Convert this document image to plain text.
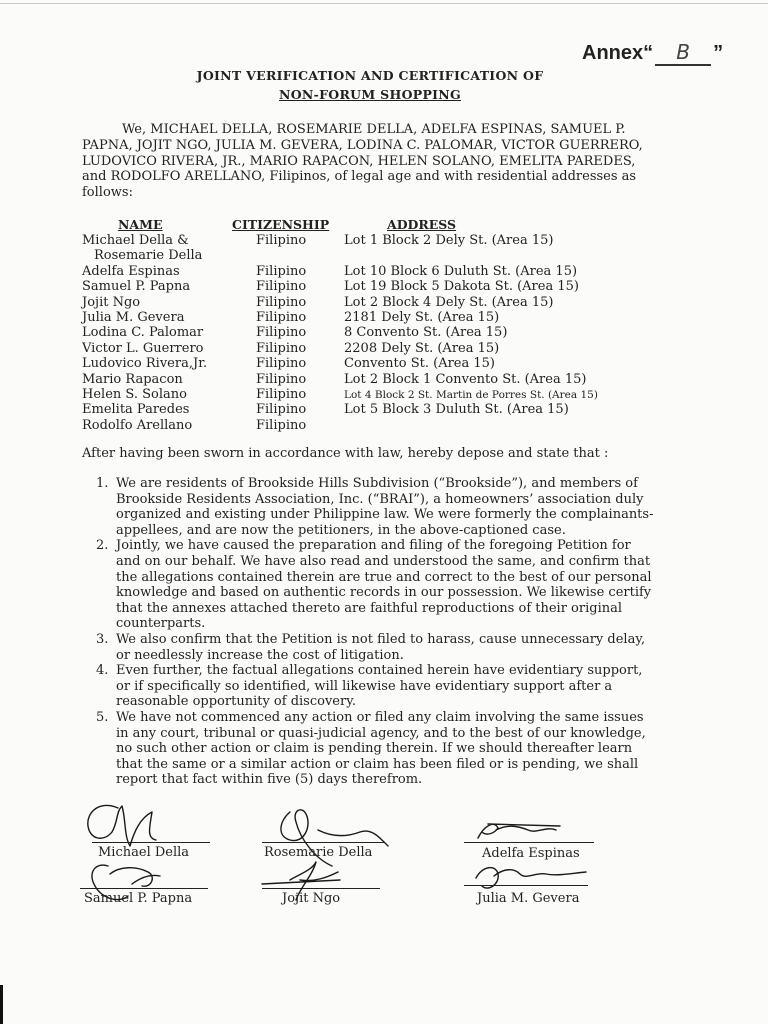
Annex“ B ”
JOINT VERIFICATION AND CERTIFICATION OF
NON-FORUM SHOPPING
We, MICHAEL DELLA, ROSEMARIE DELLA, ADELFA ESPINAS, SAMUEL P. PAPNA, JOJIT NGO, JULIA M. GEVERA, LODINA C. PALOMAR, VICTOR GUERRERO, LUDOVICO RIVERA, JR., MARIO RAPACON, HELEN SOLANO, EMELITA PAREDES, and RODOLFO ARELLANO, Filipinos, of legal age and with residential addresses as follows:
NAME	CITIZENSHIP	ADDRESS
Michael Della &	Filipino	Lot 1 Block 2 Dely St. (Area 15)
Rosemarie Della
Adelfa Espinas	Filipino	Lot 10 Block 6 Duluth St. (Area 15)
Samuel P. Papna	Filipino	Lot 19 Block 5 Dakota St. (Area 15)
Jojit Ngo	Filipino	Lot 2 Block 4 Dely St. (Area 15)
Julia M. Gevera	Filipino	2181 Dely St. (Area 15)
Lodina C. Palomar	Filipino	8 Convento St. (Area 15)
Victor L. Guerrero	Filipino	2208 Dely St. (Area 15)
Ludovico Rivera,Jr.	Filipino	Convento St. (Area 15)
Mario Rapacon	Filipino	Lot 2 Block 1 Convento St. (Area 15)
Helen S. Solano	Filipino	Lot 4 Block 2 St. Martin de Porres St. (Area 15)
Emelita Paredes	Filipino	Lot 5 Block 3 Duluth St. (Area 15)
Rodolfo Arellano	Filipino
After having been sworn in accordance with law, hereby depose and state that :
1. We are residents of Brookside Hills Subdivision (“Brookside”), and members of Brookside Residents Association, Inc. (“BRAI”), a homeowners’ association duly organized and existing under Philippine law. We were formerly the complainants-appellees, and are now the petitioners, in the above-captioned case.
2. Jointly, we have caused the preparation and filing of the foregoing Petition for and on our behalf. We have also read and understood the same, and confirm that the allegations contained therein are true and correct to the best of our personal knowledge and based on authentic records in our possession. We likewise certify that the annexes attached thereto are faithful reproductions of their original counterparts.
3. We also confirm that the Petition is not filed to harass, cause unnecessary delay, or needlessly increase the cost of litigation.
4. Even further, the factual allegations contained herein have evidentiary support, or if specifically so identified, will likewise have evidentiary support after a reasonable opportunity of discovery.
5. We have not commenced any action or filed any claim involving the same issues in any court, tribunal or quasi-judicial agency, and to the best of our knowledge, no such other action or claim is pending therein. If we should thereafter learn that the same or a similar action or claim has been filed or is pending, we shall report that fact within five (5) days therefrom.
Michael Della	Rosemarie Della	Adelfa Espinas
Samuel P. Papna	Jojit Ngo	Julia M. Gevera
